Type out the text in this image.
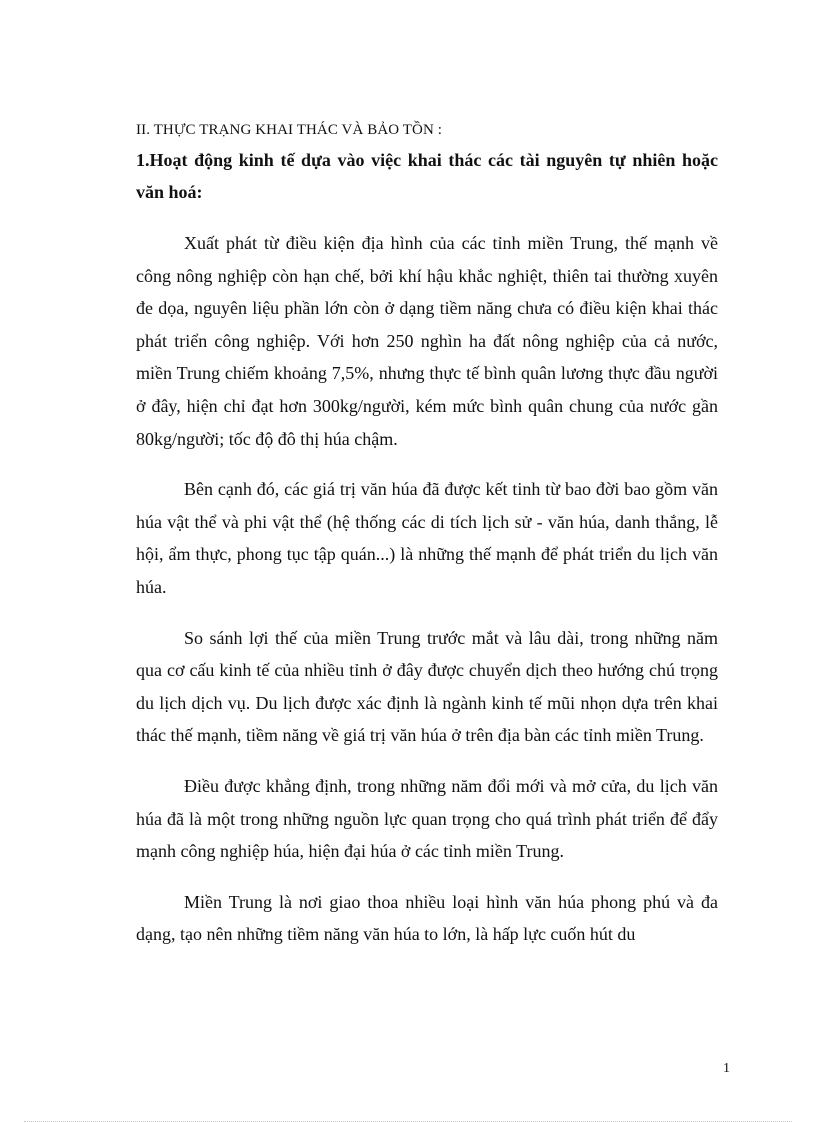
II. THỰC TRẠNG KHAI THÁC VÀ BẢO TỒN :
1.Hoạt động kinh tế dựa vào việc khai thác các tài nguyên tự nhiên hoặc văn hoá:

Xuất phát từ điều kiện địa hình của các tỉnh miền Trung, thế mạnh về công nông nghiệp còn hạn chế, bởi khí hậu khắc nghiệt, thiên tai thường xuyên đe dọa, nguyên liệu phần lớn còn ở dạng tiềm năng chưa có điều kiện khai thác phát triển công nghiệp. Với hơn 250 nghìn ha đất nông nghiệp của cả nước, miền Trung chiếm khoảng 7,5%, nhưng thực tế bình quân lương thực đầu người ở đây, hiện chỉ đạt hơn 300kg/người, kém mức bình quân chung của nước gần 80kg/người; tốc độ đô thị húa chậm.

Bên cạnh đó, các giá trị văn húa đã được kết tinh từ bao đời bao gồm văn húa vật thể và phi vật thể (hệ thống các di tích lịch sử - văn húa, danh thắng, lễ hội, ẩm thực, phong tục tập quán...) là những thế mạnh để phát triển du lịch văn húa.

So sánh lợi thế của miền Trung trước mắt và lâu dài, trong những năm qua cơ cấu kinh tế của nhiều tỉnh ở đây được chuyển dịch theo hướng chú trọng du lịch dịch vụ. Du lịch được xác định là ngành kinh tế mũi nhọn dựa trên khai thác thế mạnh, tiềm năng về giá trị văn húa ở trên địa bàn các tỉnh miền Trung.

Điều được khẳng định, trong những năm đổi mới và mở cửa, du lịch văn húa đã là một trong những nguồn lực quan trọng cho quá trình phát triển để đẩy mạnh công nghiệp húa, hiện đại húa ở các tỉnh miền Trung.

Miền Trung là nơi giao thoa nhiều loại hình văn húa phong phú và đa dạng, tạo nên những tiềm năng văn húa to lớn, là hấp lực cuốn hút du

1
